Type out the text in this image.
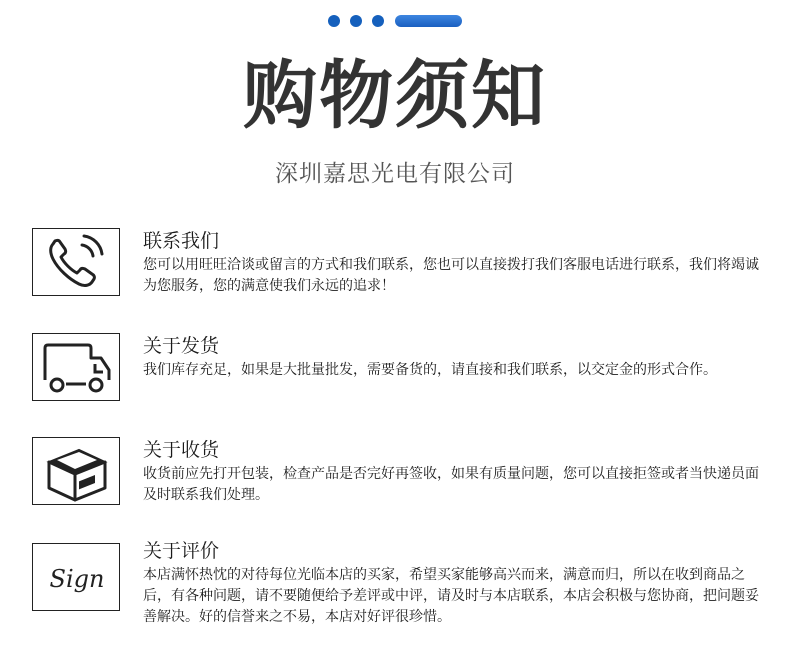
购物须知
深圳嘉思光电有限公司
联系我们
您可以用旺旺洽谈或留言的方式和我们联系，您也可以直接拨打我们客服电话进行联系，我们将竭诚为您服务，您的满意使我们永远的追求！
关于发货
我们库存充足，如果是大批量批发，需要备货的，请直接和我们联系，以交定金的形式合作。
关于收货
收货前应先打开包装，检查产品是否完好再签收，如果有质量问题，您可以直接拒签或者当快递员面及时联系我们处理。
Sign
关于评价
本店满怀热忱的对待每位光临本店的买家，希望买家能够高兴而来，满意而归，所以在收到商品之后，有各种问题，请不要随便给予差评或中评，请及时与本店联系，本店会积极与您协商，把问题妥善解决。好的信誉来之不易，本店对好评很珍惜。
